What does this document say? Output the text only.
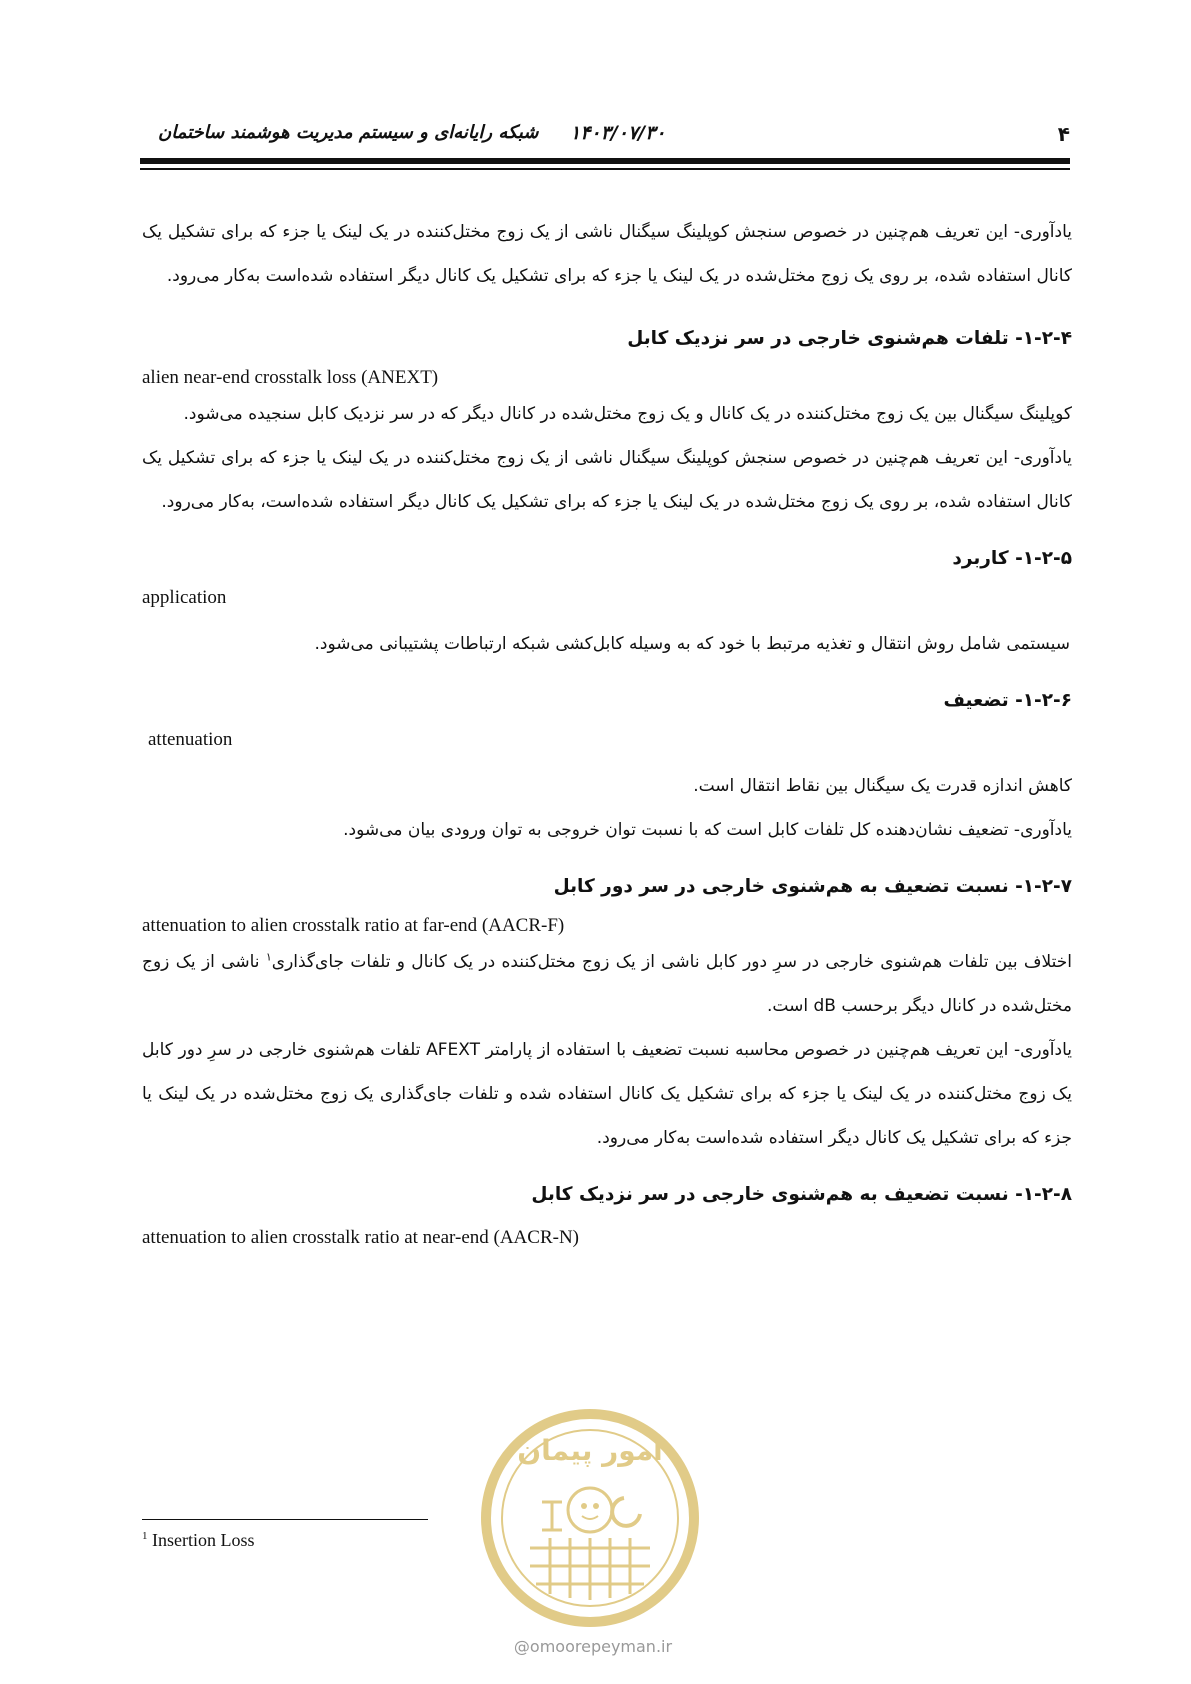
۴
۱۴۰۳/۰۷/۳۰
شبکه رایانه‌ای و سیستم مدیریت هوشمند ساختمان

یادآوری- این تعریف هم‌چنین در خصوص سنجش کوپلینگ سیگنال ناشی از یک زوج مختل‌کننده در یک لینک یا جزء که برای تشکیل یک کانال استفاده شده، بر روی یک زوج مختل‌شده در یک لینک یا جزء که برای تشکیل یک کانال دیگر استفاده شده‌است به‌کار می‌رود.

۱-۲-۴- تلفات هم‌شنوی خارجی در سر نزدیک کابل

alien near-end crosstalk loss (ANEXT)

کوپلینگ سیگنال بین یک زوج مختل‌کننده در یک کانال و یک زوج مختل‌شده در کانال دیگر که در سر نزدیک کابل سنجیده می‌شود.

یادآوری- این تعریف هم‌چنین در خصوص سنجش کوپلینگ سیگنال ناشی از یک زوج مختل‌کننده در یک لینک یا جزء که برای تشکیل یک کانال استفاده شده، بر روی یک زوج مختل‌شده در یک لینک یا جزء که برای تشکیل یک کانال دیگر استفاده شده‌است، به‌کار می‌رود.

۱-۲-۵- کاربرد

application

سیستمی شامل روش انتقال و تغذیه مرتبط با خود که به وسیله کابل‌کشی شبکه ارتباطات پشتیبانی می‌شود.

۱-۲-۶- تضعیف

attenuation

کاهش اندازه قدرت یک سیگنال بین نقاط انتقال است.

یادآوری- تضعیف نشان‌دهنده کل تلفات کابل است که با نسبت توان خروجی به توان ورودی بیان می‌شود.

۱-۲-۷- نسبت تضعیف به هم‌شنوی خارجی در سر دور کابل

attenuation to alien crosstalk ratio at far-end (AACR-F)

اختلاف بین تلفات هم‌شنوی خارجی در سرِ دور کابل ناشی از یک زوج مختل‌کننده در یک کانال و تلفات جای‌گذاری$^۱$ ناشی از یک زوج مختل‌شده در کانال دیگر برحسب dB است.

یادآوری- این تعریف هم‌چنین در خصوص محاسبه نسبت تضعیف با استفاده از پارامتر AFEXT تلفات هم‌شنوی خارجی در سرِ دور کابل یک زوج مختل‌کننده در یک لینک یا جزء که برای تشکیل یک کانال استفاده شده و تلفات جای‌گذاری یک زوج مختل‌شده در یک لینک یا جزء که برای تشکیل یک کانال دیگر استفاده شده‌است به‌کار می‌رود.

۱-۲-۸- نسبت تضعیف به هم‌شنوی خارجی در سر نزدیک کابل

attenuation to alien crosstalk ratio at near-end (AACR-N)

$^1$ Insertion Loss
امور پیمان
@omoorepeyman.ir
